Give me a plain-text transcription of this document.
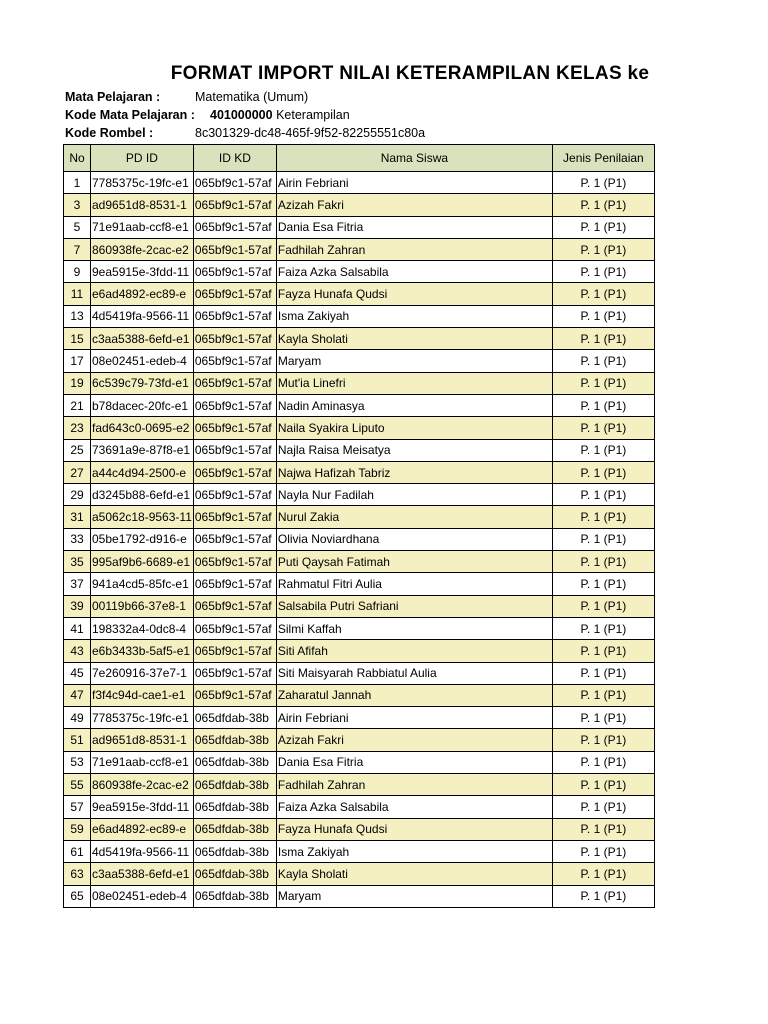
FORMAT IMPORT NILAI KETERAMPILAN KELAS ke
Mata Pelajaran :	Matematika (Umum)
Kode Mata Pelajaran : 401000000 Keterampilan
Kode Rombel :	8c301329-dc48-465f-9f52-82255551c80a
No	PD ID	ID KD	Nama Siswa	Jenis Penilaian
1	7785375c-19fc-e1	065bf9c1-57af	Airin Febriani	P. 1 (P1)
3	ad9651d8-8531-1	065bf9c1-57af	Azizah Fakri	P. 1 (P1)
5	71e91aab-ccf8-e1	065bf9c1-57af	Dania Esa Fitria	P. 1 (P1)
7	860938fe-2cac-e2	065bf9c1-57af	Fadhilah Zahran	P. 1 (P1)
9	9ea5915e-3fdd-11	065bf9c1-57af	Faiza Azka Salsabila	P. 1 (P1)
11	e6ad4892-ec89-e	065bf9c1-57af	Fayza Hunafa Qudsi	P. 1 (P1)
13	4d5419fa-9566-11	065bf9c1-57af	Isma Zakiyah	P. 1 (P1)
15	c3aa5388-6efd-e1	065bf9c1-57af	Kayla Sholati	P. 1 (P1)
17	08e02451-edeb-4	065bf9c1-57af	Maryam	P. 1 (P1)
19	6c539c79-73fd-e1	065bf9c1-57af	Mut'ia Linefri	P. 1 (P1)
21	b78dacec-20fc-e1	065bf9c1-57af	Nadin Aminasya	P. 1 (P1)
23	fad643c0-0695-e2	065bf9c1-57af	Naila Syakira Liputo	P. 1 (P1)
25	73691a9e-87f8-e1	065bf9c1-57af	Najla Raisa Meisatya	P. 1 (P1)
27	a44c4d94-2500-e	065bf9c1-57af	Najwa Hafizah Tabriz	P. 1 (P1)
29	d3245b88-6efd-e1	065bf9c1-57af	Nayla Nur Fadilah	P. 1 (P1)
31	a5062c18-9563-11	065bf9c1-57af	Nurul Zakia	P. 1 (P1)
33	05be1792-d916-e	065bf9c1-57af	Olivia Noviardhana	P. 1 (P1)
35	995af9b6-6689-e1	065bf9c1-57af	Puti Qaysah Fatimah	P. 1 (P1)
37	941a4cd5-85fc-e1	065bf9c1-57af	Rahmatul Fitri Aulia	P. 1 (P1)
39	00119b66-37e8-1	065bf9c1-57af	Salsabila Putri Safriani	P. 1 (P1)
41	198332a4-0dc8-4	065bf9c1-57af	Silmi Kaffah	P. 1 (P1)
43	e6b3433b-5af5-e1	065bf9c1-57af	Siti Afifah	P. 1 (P1)
45	7e260916-37e7-1	065bf9c1-57af	Siti Maisyarah Rabbiatul Aulia	P. 1 (P1)
47	f3f4c94d-cae1-e1	065bf9c1-57af	Zaharatul Jannah	P. 1 (P1)
49	7785375c-19fc-e1	065dfdab-38b	Airin Febriani	P. 1 (P1)
51	ad9651d8-8531-1	065dfdab-38b	Azizah Fakri	P. 1 (P1)
53	71e91aab-ccf8-e1	065dfdab-38b	Dania Esa Fitria	P. 1 (P1)
55	860938fe-2cac-e2	065dfdab-38b	Fadhilah Zahran	P. 1 (P1)
57	9ea5915e-3fdd-11	065dfdab-38b	Faiza Azka Salsabila	P. 1 (P1)
59	e6ad4892-ec89-e	065dfdab-38b	Fayza Hunafa Qudsi	P. 1 (P1)
61	4d5419fa-9566-11	065dfdab-38b	Isma Zakiyah	P. 1 (P1)
63	c3aa5388-6efd-e1	065dfdab-38b	Kayla Sholati	P. 1 (P1)
65	08e02451-edeb-4	065dfdab-38b	Maryam	P. 1 (P1)
